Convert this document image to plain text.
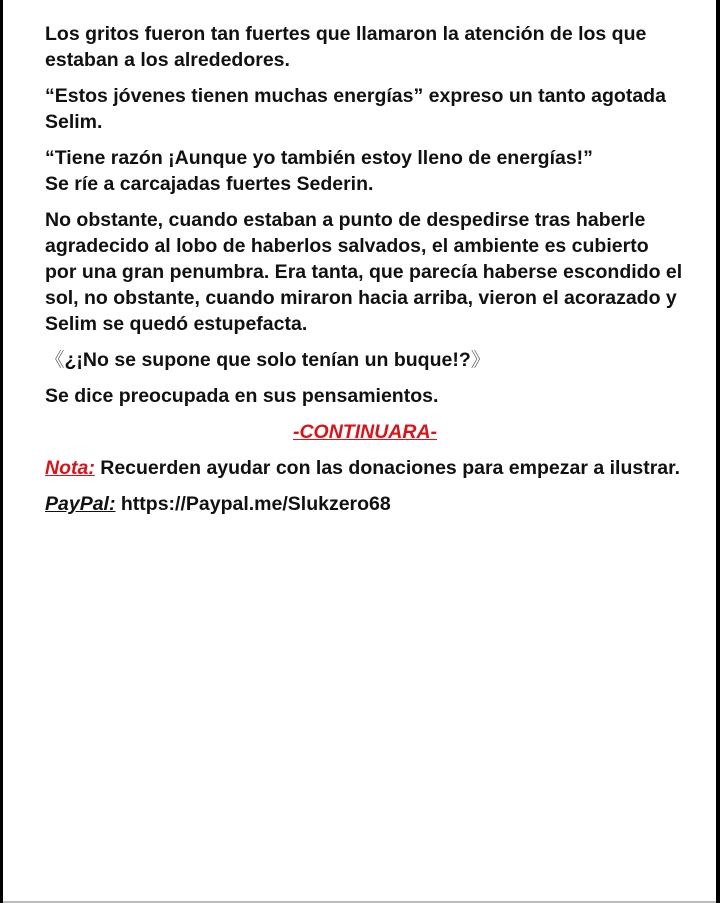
Los gritos fueron tan fuertes que llamaron la atención de los que estaban a los alrededores.

“Estos jóvenes tienen muchas energías” expreso un tanto agotada Selim.

“Tiene razón ¡Aunque yo también estoy lleno de energías!”

Se ríe a carcajadas fuertes Sederin.

No obstante, cuando estaban a punto de despedirse tras haberle agradecido al lobo de haberlos salvados, el ambiente es cubierto por una gran penumbra. Era tanta, que parecía haberse escondido el sol, no obstante, cuando miraron hacia arriba, vieron el acorazado y Selim se quedó estupefacta.

《¿¡No se supone que solo tenían un buque!?》

Se dice preocupada en sus pensamientos.

-CONTINUARA-

Nota: Recuerden ayudar con las donaciones para empezar a ilustrar.

PayPal: https://Paypal.me/Slukzero68
